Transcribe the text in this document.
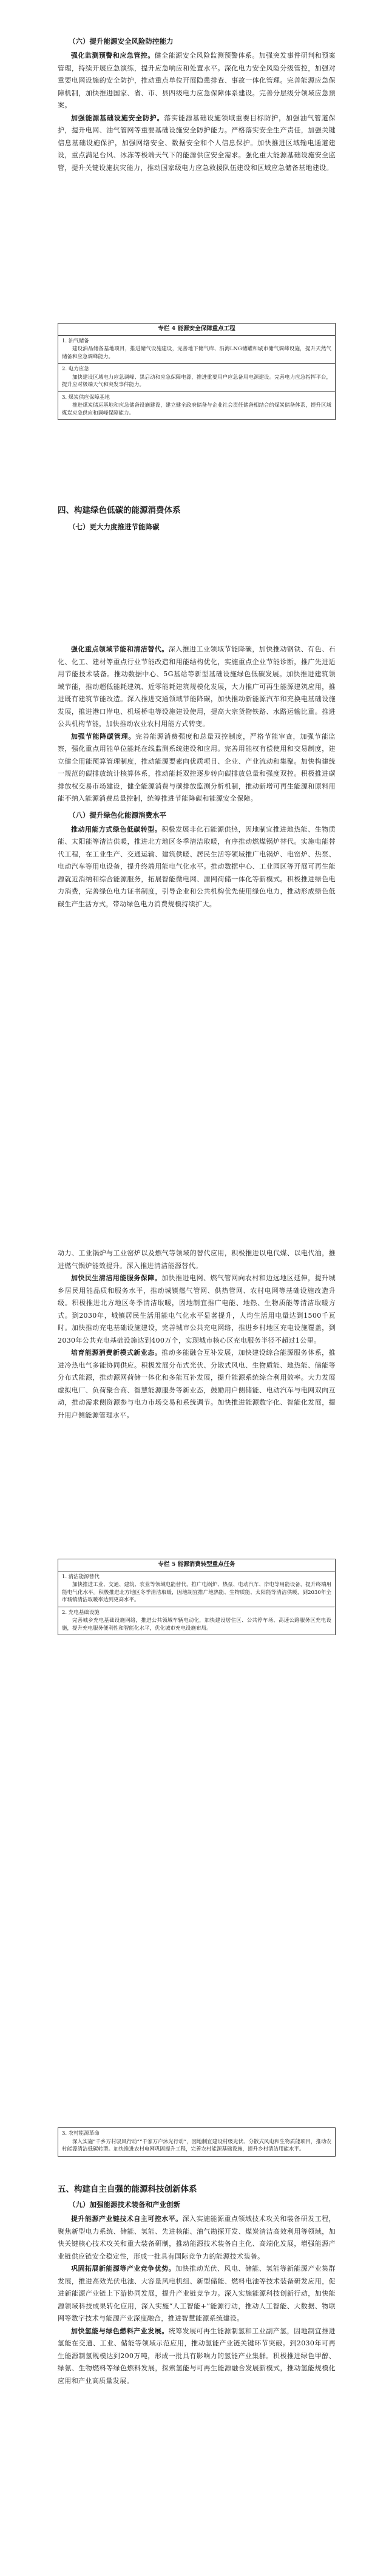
（六）提升能源安全风险防控能力

强化监测预警和应急管控。健全能源安全风险监测预警体系。加强突发事件研判和预案管理，持续开展应急演练，提升应急响应和处置水平。深化电力安全风险分级管控，加强对重要电网设施的安全防护，推动重点单位开展隐患排查、事故一体化管理。完善能源应急保障机制，加快推进国家、省、市、县四级电力应急保障体系建设。完善分层级分领域应急预案。

加强能源基础设施安全防护。落实能源基础设施领域重要目标防护，加强油气管道保护，提升电网、油气管网等重要基础设施安全防护能力。严格落实安全生产责任，加强关键信息基础设施保护，加强网络安全、数据安全和个人信息保护。加快推进区域输电通道建设，重点满足台风、冰冻等极端天气下的能源供应安全需求。强化重大能源基础设施安全监管，提升关键设施抗灾能力，推动国家级电力应急救援队伍建设和区域应急储备基地建设。

专栏 4 能源安全保障重点工程
1. 油气储备
建设油品储备基地项目，推进储气设施建设，完善地下储气库、沿海LNG储罐和城市储气调峰设施，提升天然气储备和应急调峰能力。
2. 电力应急
加快建设区域电力应急调峰、黑启动和应急保障电源，推进重要用户应急备用电源建设。完善电力应急指挥平台，提升应对极端天气和突发事件能力。
3. 煤炭供应保障基地
推进煤炭储运基地和应急储备设施建设，建立健全政府储备与企业社会责任储备相结合的煤炭储备体系，提升区域煤炭应急供应和调峰保障能力。
四、构建绿色低碳的能源消费体系
（七）更大力度推进节能降碳

强化重点领域节能和清洁替代。深入推进工业领域节能降碳，加快推动钢铁、有色、石化、化工、建材等重点行业节能改造和用能结构优化，实施重点企业节能诊断，推广先进适用节能技术装备。推动数据中心、5G基站等新型基础设施绿色低碳发展。加快推进建筑领域节能，推动超低能耗建筑、近零能耗建筑规模化发展，大力推广可再生能源建筑应用，推进既有建筑节能改造。深入推进交通领域节能降碳，加快推动新能源汽车和充换电基础设施发展，推进港口岸电、机场桥电等设施建设使用，提高大宗货物铁路、水路运输比重。推进公共机构节能，加快推动农业农村用能方式转变。

加强节能降碳管理。完善能源消费强度和总量双控制度，严格节能审查，加强节能监察，强化重点用能单位能耗在线监测系统建设和应用。完善用能权有偿使用和交易制度，建立健全用能预算管理制度，推动能源要素向优质项目、企业、产业流动和集聚。加快构建统一规范的碳排放统计核算体系，推动能耗双控逐步转向碳排放总量和强度双控。积极推进碳排放权交易市场建设，健全能源消费与碳排放监测分析机制，推动新增可再生能源和原料用能不纳入能源消费总量控制，统筹推进节能降碳和能源安全保障。

（八）提升绿色化能源消费水平

推动用能方式绿色低碳转型。积极发展非化石能源供热，因地制宜推进地热能、生物质能、太阳能等清洁供暖，推进北方地区冬季清洁取暖，有序推动燃煤锅炉替代。实施电能替代工程，在工业生产、交通运输、建筑供暖、居民生活等领域推广电锅炉、电窑炉、热泵、电动汽车等用电设备，提升终端用能电气化水平。推动数据中心、工业园区等开展可再生能源就近消纳和综合能源服务，拓展智能微电网、源网荷储一体化等新模式。积极推进绿色电力消费，完善绿色电力证书制度，引导企业和公共机构优先使用绿色电力，推动形成绿色低碳生产生活方式，带动绿色电力消费规模持续扩大。

动力、工业锅炉与工业窑炉以及燃气等领域的替代应用，积极推进以电代煤、以电代油，推进燃气锅炉能效提升。深入推进清洁能源替代。

加快民生清洁用能服务保障。加快推进电网、燃气管网向农村和边远地区延伸，提升城乡居民用能品质和服务水平，推动城镇燃气管网、供热管网、农村电网等基础设施改造升级。积极推进北方地区冬季清洁取暖，因地制宜推广电能、地热、生物质能等清洁取暖方式。到2030年，城镇居民生活用能电气化水平显著提升，人均生活用电量达到1500千瓦时。加快推动充电基础设施建设，完善城市公共充电网络，推进乡村地区充电设施覆盖，到2030年公共充电基础设施达到400万个，实现城市核心区充电服务半径不超过1公里。

培育能源消费新模式新业态。推动多能融合互补发展，加快建设综合能源服务体系，推进冷热电气多能协同供应。积极发展分布式光伏、分散式风电、生物质能、地热能、储能等分布式能源，推动源网荷储一体化和多能互补发展，提升能源系统综合利用效率。大力发展虚拟电厂、负荷聚合商、智慧能源服务等新业态，鼓励用户侧储能、电动汽车与电网双向互动，推动需求侧资源参与电力市场交易和系统调节。加快推进能源数字化、智能化发展，提升用户侧能源管理水平。

专栏 5 能源消费转型重点任务
1. 清洁能源替代
加快推进工业、交通、建筑、农业等领域电能替代，推广电锅炉、热泵、电动汽车、岸电等用能设备，提升终端用能电气化水平。积极推进北方地区冬季清洁取暖，因地制宜推广地热能、生物质能、太阳能等清洁供暖，到2030年全市城镇清洁取暖率达到更高水平。
2. 充电基础设施
完善城乡充电基础设施网络，推进公共领域车辆电动化，加快建设居住区、公共停车场、高速公路服务区充电设施，提升充电服务便利性和智能化水平，优化城市充电设施布局。
3. 农村能源革命
深入实施“千乡万村驭风行动”“千家万户沐光行动”，因地制宜建设村级光伏、分散式风电和生物质能项目，推动农村能源清洁低碳转型。加快推进农村电网巩固提升工程，完善农村能源基础设施，提升乡村清洁用能水平。
五、构建自主自强的能源科技创新体系
（九）加强能源技术装备和产业创新

提升能源产业链技术自主可控水平。深入实施能源重点领域技术攻关和装备研发工程，聚焦新型电力系统、储能、氢能、先进核能、油气勘探开发、煤炭清洁高效利用等领域，加快关键核心技术攻关和重大装备研制，推动能源技术装备自主化、高端化发展，增强能源产业链供应链安全稳定性，形成一批具有国际竞争力的能源技术装备。

巩固拓展新能源等产业竞争优势。加快推动光伏、风电、储能、氢能等新能源产业集群发展，推进高效光伏电池、大容量风电机组、新型储能、燃料电池等技术装备研发应用，促进新能源产业链上下游协同发展，提升产业链竞争力。深入实施能源科技创新行动，加快能源领域科技成果转化应用，深入实施“人工智能+”能源行动，推动人工智能、大数据、物联网等数字技术与能源产业深度融合，推进智慧能源系统建设。

加快氢能与绿色燃料产业发展。统筹发展可再生能源制氢和工业副产氢，因地制宜推进氢能在交通、工业、储能等领域示范应用，推动氢能产业链关键环节突破。到2030年可再生能源制氢规模达到200万吨，形成一批具有影响力的氢能产业集群。积极推进绿色甲醇、绿氨、生物燃料等绿色燃料发展，探索氢能与可再生能源融合发展新模式，推动氢能规模化应用和产业高质量发展。
